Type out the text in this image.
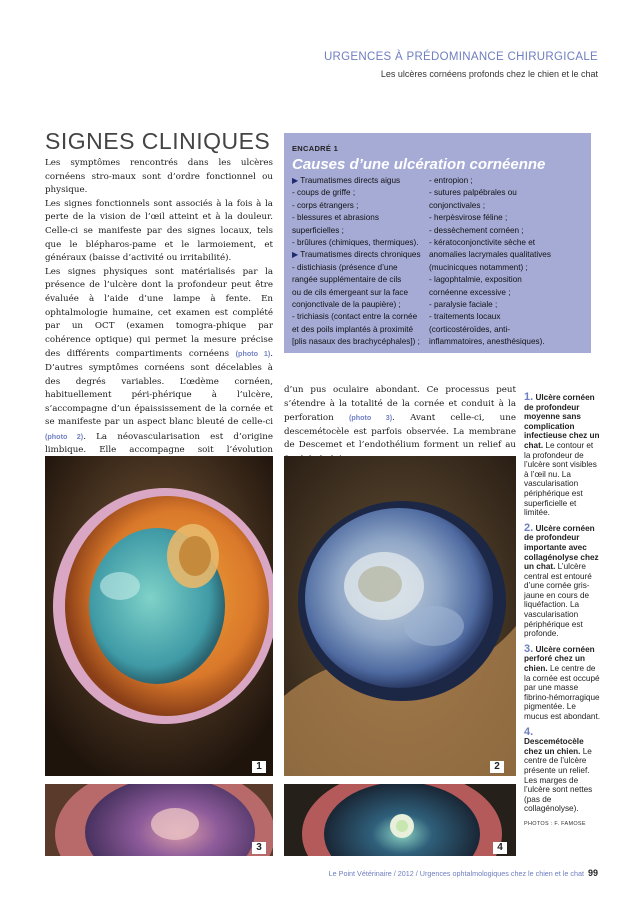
URGENCES À PRÉDOMINANCE CHIRURGICALE
Les ulcères cornéens profonds chez le chien et le chat
SIGNES CLINIQUES

Les symptômes rencontrés dans les ulcères cornéens stro-maux sont d’ordre fonctionnel ou physique.

Les signes fonctionnels sont associés à la fois à la perte de la vision de l’œil atteint et à la douleur. Celle-ci se manifeste par des signes locaux, tels que le blépharos-pame et le larmoiement, et généraux (baisse d’activité ou irritabilité).

Les signes physiques sont matérialisés par la présence de l’ulcère dont la profondeur peut être évaluée à l’aide d’une lampe à fente. En ophtalmologie humaine, cet examen est complété par un OCT (examen tomogra-phique par cohérence optique) qui permet la mesure précise des différents compartiments cornéens (photo 1). D’autres symptômes cornéens sont décelables à des degrés variables. L’œdème cornéen, habituellement péri-phérique à l’ulcère, s’accompagne d’un épaississement de la cornée et se manifeste par un aspect blanc bleuté de celle-ci (photo 2). La néovascularisation est d’origine limbique. Elle accompagne soit l’évolution

ENCADRÉ 1
Causes d’une ulcération cornéenne
▶ Traumatismes directs aigus
- coups de griffe ;
- corps étrangers ;
- blessures et abrasions
superficielles ;
- brûlures (chimiques, thermiques).
▶ Traumatismes directs chroniques
- distichiasis (présence d’une
rangée supplémentaire de cils
ou de cils émergeant sur la face
conjonctivale de la paupière) ;
- trichiasis (contact entre la cornée
et des poils implantés à proximité
[plis nasaux des brachycéphales]) ;
- entropion ;
- sutures palpébrales ou
conjonctivales ;
- herpèsvirose féline ;
- dessèchement cornéen ;
- kératoconjonctivite sèche et
anomalies lacrymales qualitatives
(mucinicques notamment) ;
- lagophtalmie, exposition
cornéenne excessive ;
- paralysie faciale ;
- traitements locaux
(corticostéroïdes, anti-
inflammatoires, anesthésiques).

d’un pus oculaire abondant. Ce processus peut s’étendre à la totalité de la cornée et conduit à la perforation (photo 3). Avant celle-ci, une descemétocèle est parfois observée. La membrane de Descemet et l’endothélium forment un relief au

1	2
3	4
1. Ulcère cornéen de profondeur moyenne sans complication infectieuse chez un chat. Le contour et la profondeur de l’ulcère sont visibles à l’œil nu. La vascularisation périphérique est superficielle et limitée.
2. Ulcère cornéen de profondeur importante avec collagénolyse chez un chat. L’ulcère central est entouré d’une cornée gris-jaune en cours de liquéfaction. La vascularisation périphérique est profonde.
3. Ulcère cornéen perforé chez un chien. Le centre de la cornée est occupé par une masse fibrino-hémorragique pigmentée. Le mucus est abondant.
4.
Descemétocèle chez un chien. Le centre de l’ulcère présente un relief. Les marges de l’ulcère sont nettes (pas de collagénolyse).
PHOTOS : F. FAMOSE
Le Point Vétérinaire / 2012 / Urgences ophtalmologiques chez le chien et le chat 99
